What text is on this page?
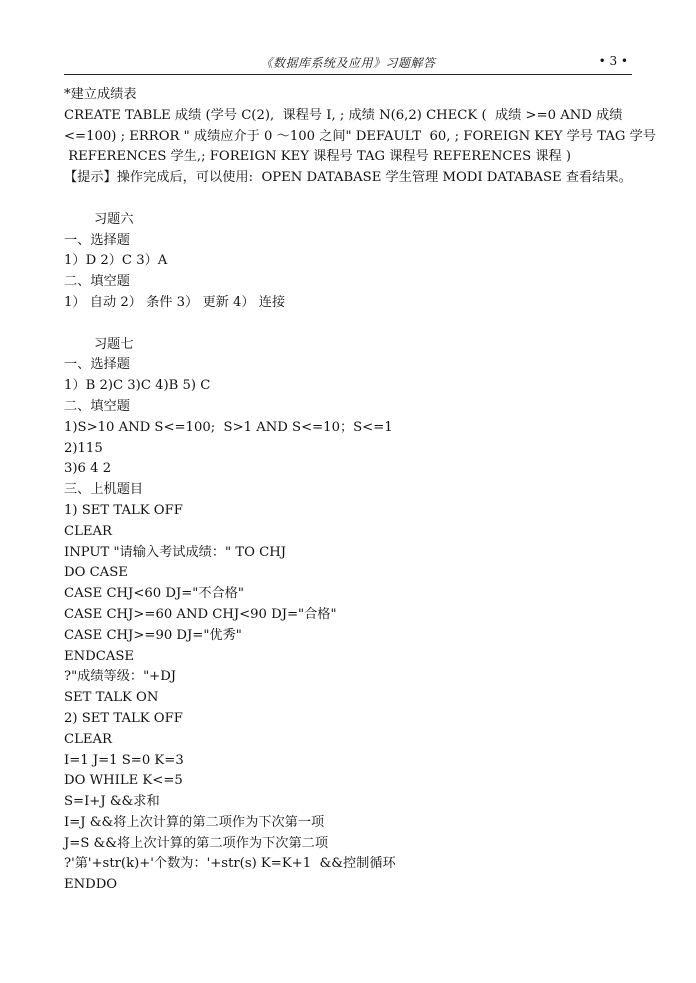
《数据库系统及应用》习题解答	• 3 •
*建立成绩表
CREATE TABLE 成绩 (学号 C(2),  课程号 I, ; 成绩 N(6,2) CHECK (  成绩 >=0 AND 成绩
<=100) ; ERROR " 成绩应介于 0 ～100 之间" DEFAULT  60, ; FOREIGN KEY 学号 TAG 学号
REFERENCES 学生,; FOREIGN KEY 课程号 TAG 课程号 REFERENCES 课程 )
【提示】操作完成后，可以使用:  OPEN DATABASE 学生管理 MODI DATABASE 查看结果。
习题六
一、选择题
1）D 2）C 3）A
二、填空题
1） 自动 2） 条件 3） 更新 4） 连接
习题七
一、选择题
1）B 2)C 3)C 4)B 5) C
二、填空题
1)S>10 AND S<=100;  S>1 AND S<=10；S<=1
2)115
3)6 4 2
三、上机题目
1) SET TALK OFF
CLEAR
INPUT "请输入考试成绩：" TO CHJ
DO CASE
CASE CHJ<60 DJ="不合格"
CASE CHJ>=60 AND CHJ<90 DJ="合格"
CASE CHJ>=90 DJ="优秀"
ENDCASE
?"成绩等级："+DJ
SET TALK ON
2) SET TALK OFF
CLEAR
I=1 J=1 S=0 K=3
DO WHILE K<=5
S=I+J &&求和
I=J &&将上次计算的第二项作为下次第一项
J=S &&将上次计算的第二项作为下次第二项
?'第'+str(k)+'个数为：'+str(s) K=K+1  &&控制循环
ENDDO
